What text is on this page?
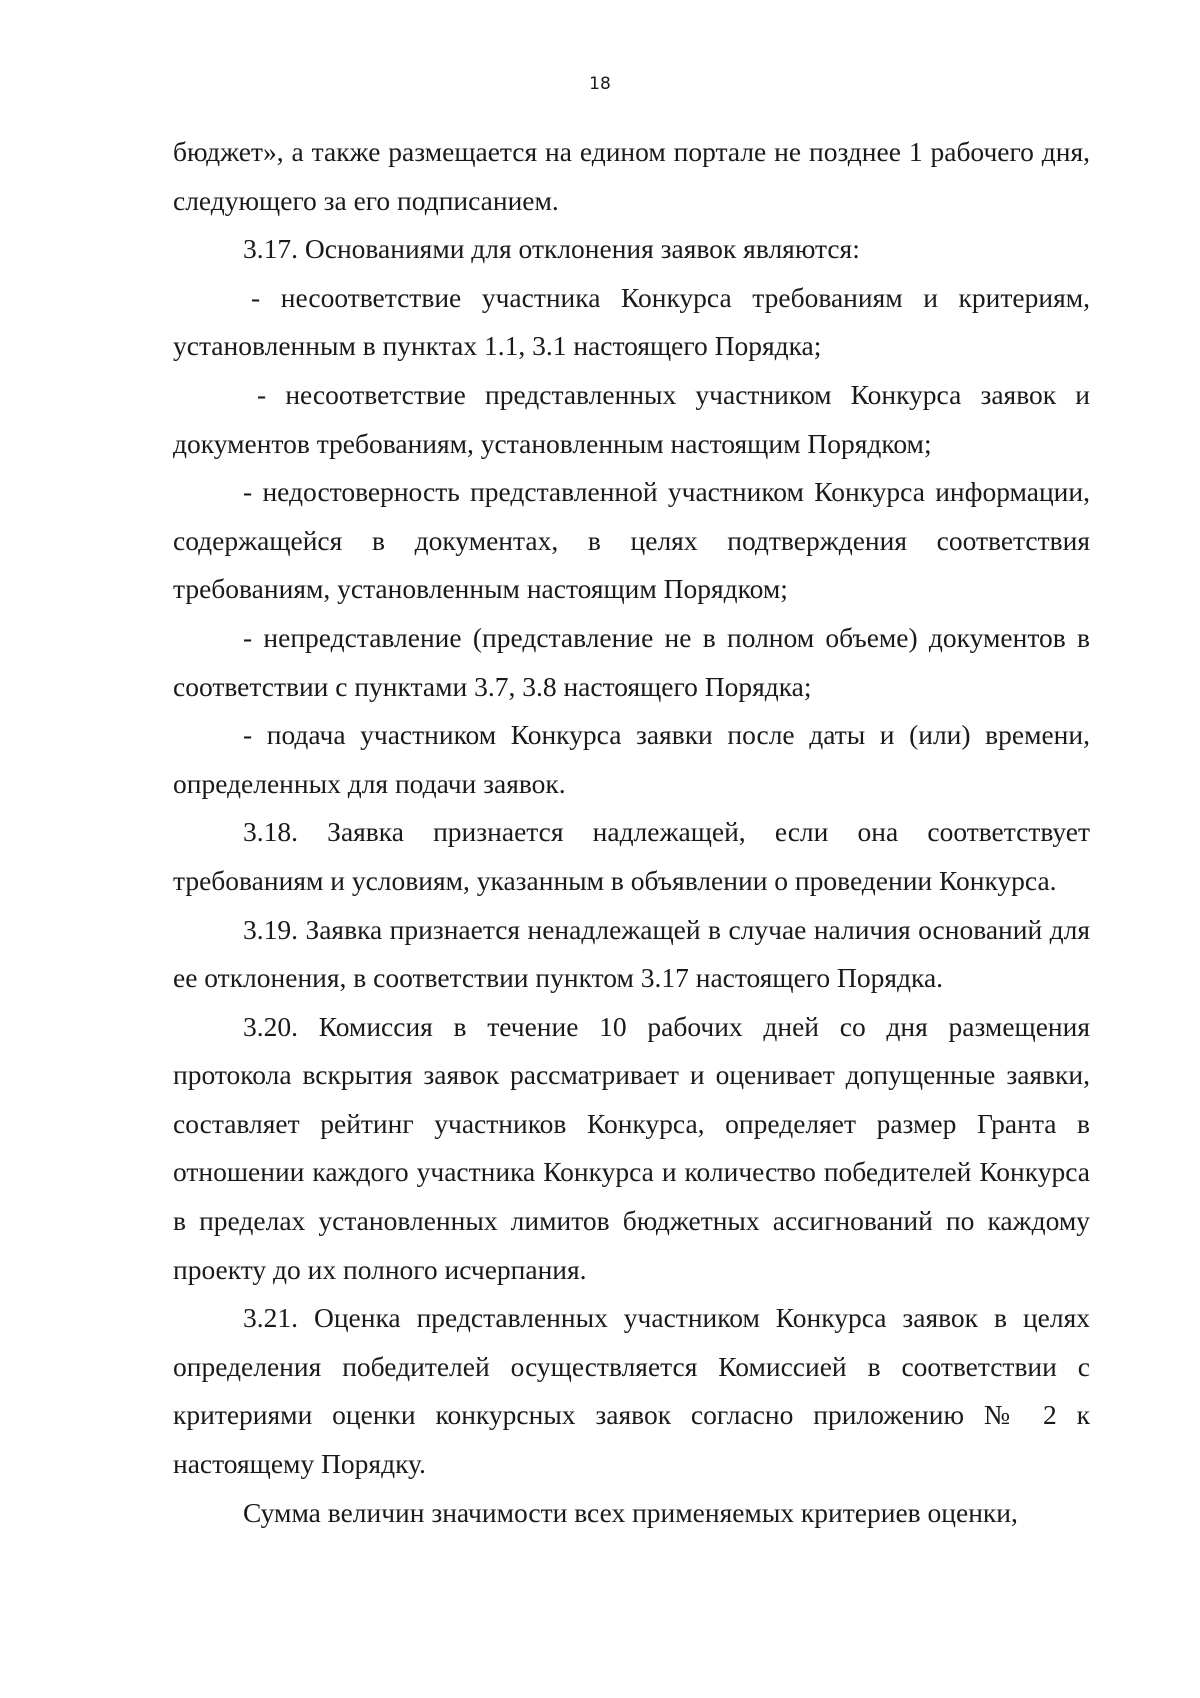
18

бюджет», а также размещается на едином портале не позднее 1 рабочего дня, следующего за его подписанием.

3.17. Основаниями для отклонения заявок являются:

- несоответствие участника Конкурса требованиям и критериям, установленным в пунктах 1.1, 3.1 настоящего Порядка;

- несоответствие представленных участником Конкурса заявок и документов требованиям, установленным настоящим Порядком;

- недостоверность представленной участником Конкурса информации, содержащейся в документах, в целях подтверждения соответствия требованиям, установленным настоящим Порядком;

- непредставление (представление не в полном объеме) документов в соответствии с пунктами 3.7, 3.8 настоящего Порядка;

- подача участником Конкурса заявки после даты и (или) времени, определенных для подачи заявок.

3.18. Заявка признается надлежащей, если она соответствует требованиям и условиям, указанным в объявлении о проведении Конкурса.

3.19. Заявка признается ненадлежащей в случае наличия оснований для ее отклонения, в соответствии пунктом 3.17 настоящего Порядка.

3.20. Комиссия в течение 10 рабочих дней со дня размещения протокола вскрытия заявок рассматривает и оценивает допущенные заявки, составляет рейтинг участников Конкурса, определяет размер Гранта в отношении каждого участника Конкурса и количество победителей Конкурса в пределах установленных лимитов бюджетных ассигнований по каждому проекту до их полного исчерпания.

3.21. Оценка представленных участником Конкурса заявок в целях определения победителей осуществляется Комиссией в соответствии с критериями оценки конкурсных заявок согласно приложению № 2 к настоящему Порядку.

Сумма величин значимости всех применяемых критериев оценки,
